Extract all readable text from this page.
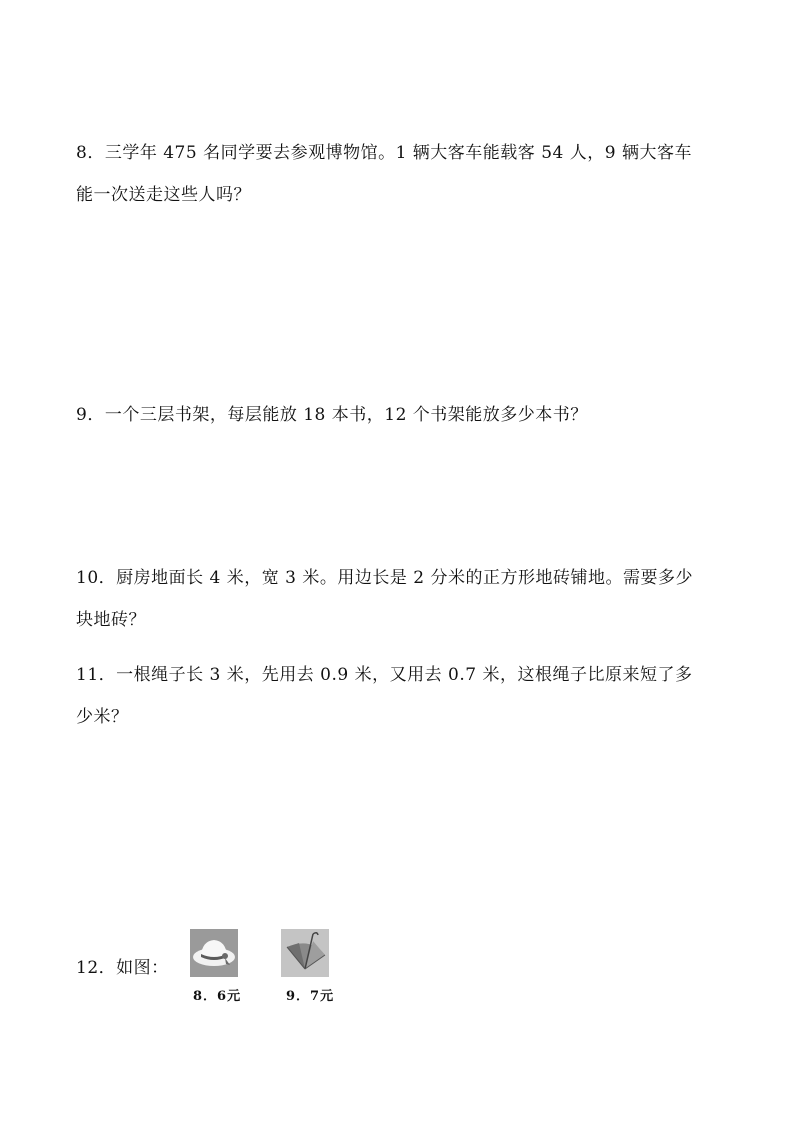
8．三学年 475 名同学要去参观博物馆。1 辆大客车能载客 54 人，9 辆大客车
能一次送走这些人吗？
9．一个三层书架，每层能放 18 本书，12 个书架能放多少本书？
10．厨房地面长 4 米，宽 3 米。用边长是 2 分米的正方形地砖铺地。需要多少
块地砖？
11．一根绳子长 3 米，先用去 0.9 米，又用去 0.7 米，这根绳子比原来短了多
少米？
12．如图：
8．6元	9．7元
